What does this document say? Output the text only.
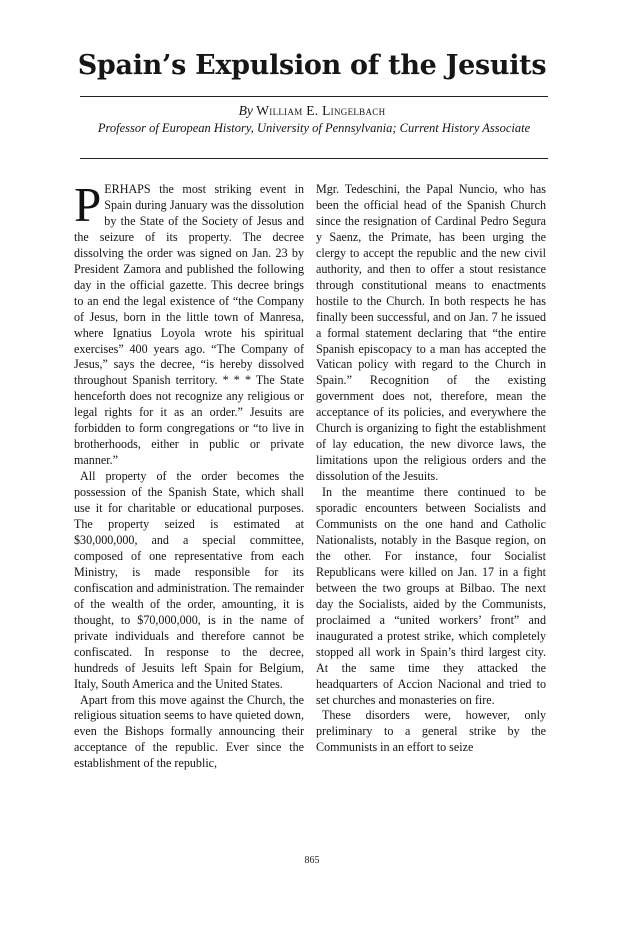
Spain’s Expulsion of the Jesuits
By William E. Lingelbach
Professor of European History, University of Pennsylvania; Current History Associate
P ERHAPS the most striking event in Spain during January was the dissolution by the State of the Society of Jesus and the seizure of its property. The decree dissolving the order was signed on Jan. 23 by President Zamora and published the following day in the official gazette. This decree brings to an end the legal existence of “the Company of Jesus, born in the little town of Manresa, where Ignatius Loyola wrote his spiritual exercises” 400 years ago. “The Company of Jesus,” says the decree, “is hereby dissolved throughout Spanish territory. * * * The State henceforth does not recognize any religious or legal rights for it as an order.” Jesuits are forbidden to form congregations or “to live in brotherhoods, either in public or private manner.”

All property of the order becomes the possession of the Spanish State, which shall use it for charitable or educational purposes. The property seized is estimated at $30,000,000, and a special committee, composed of one representative from each Ministry, is made responsible for its confiscation and administration. The remainder of the wealth of the order, amounting, it is thought, to $70,000,000, is in the name of private individuals and therefore cannot be confiscated. In response to the decree, hundreds of Jesuits left Spain for Belgium, Italy, South America and the United States.

Apart from this move against the Church, the religious situation seems to have quieted down, even the Bishops formally announcing their acceptance of the republic. Ever since the establishment of the republic,

Mgr. Tedeschini, the Papal Nuncio, who has been the official head of the Spanish Church since the resignation of Cardinal Pedro Segura y Saenz, the Primate, has been urging the clergy to accept the republic and the new civil authority, and then to offer a stout resistance through constitutional means to enactments hostile to the Church. In both respects he has finally been successful, and on Jan. 7 he issued a formal statement declaring that “the entire Spanish episcopacy to a man has accepted the Vatican policy with regard to the Church in Spain.” Recognition of the existing government does not, therefore, mean the acceptance of its policies, and everywhere the Church is organizing to fight the establishment of lay education, the new divorce laws, the limitations upon the religious orders and the dissolution of the Jesuits.

In the meantime there continued to be sporadic encounters between Socialists and Communists on the one hand and Catholic Nationalists, notably in the Basque region, on the other. For instance, four Socialist Republicans were killed on Jan. 17 in a fight between the two groups at Bilbao. The next day the Socialists, aided by the Communists, proclaimed a “united workers’ front” and inaugurated a protest strike, which completely stopped all work in Spain’s third largest city. At the same time they attacked the headquarters of Accion Nacional and tried to set churches and monasteries on fire.

These disorders were, however, only preliminary to a general strike by the Communists in an effort to seize

865
